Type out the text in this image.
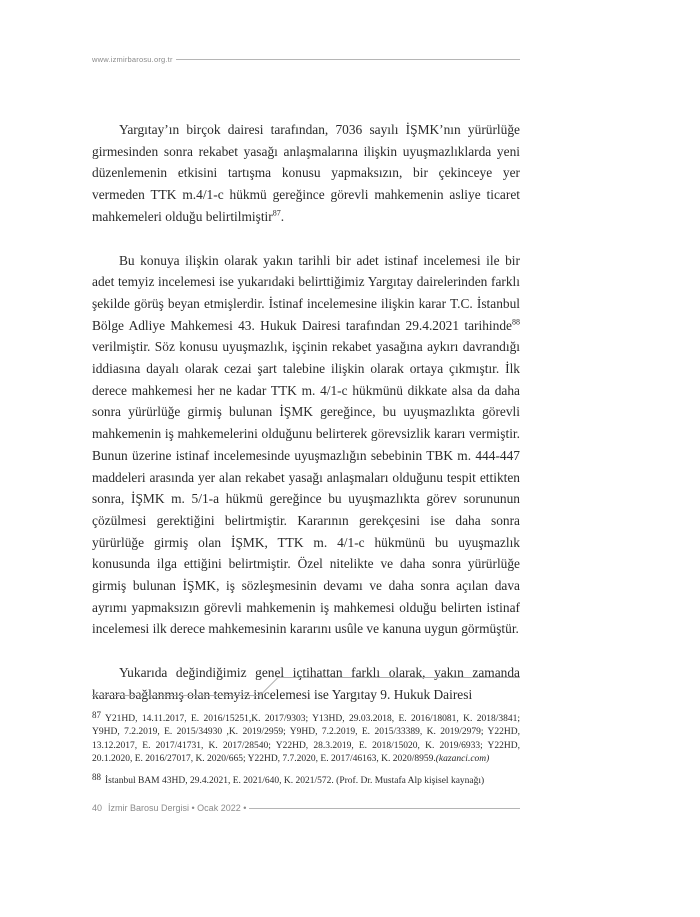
www.izmirbarosu.org.tr

Yargıtay’ın birçok dairesi tarafından, 7036 sayılı İŞMK’nın yürürlüğe girmesinden sonra rekabet yasağı anlaşmalarına ilişkin uyuşmazlıklarda yeni düzenlemenin etkisini tartışma konusu yapmaksızın, bir çekinceye yer vermeden TTK m.4/1-c hükmü gereğince görevli mahkemenin asliye ticaret mahkemeleri olduğu belirtilmiştir$^{87}$.

Bu konuya ilişkin olarak yakın tarihli bir adet istinaf incelemesi ile bir adet temyiz incelemesi ise yukarıdaki belirttiğimiz Yargıtay dairelerinden farklı şekilde görüş beyan etmişlerdir. İstinaf incelemesine ilişkin karar T.C. İstanbul Bölge Adliye Mahkemesi 43. Hukuk Dairesi tarafından 29.4.2021 tarihinde$^{88}$ verilmiştir. Söz konusu uyuşmazlık, işçinin rekabet yasağına aykırı davrandığı iddiasına dayalı olarak cezai şart talebine ilişkin olarak ortaya çıkmıştır. İlk derece mahkemesi her ne kadar TTK m. 4/1-c hükmünü dikkate alsa da daha sonra yürürlüğe girmiş bulunan İŞMK gereğince, bu uyuşmazlıkta görevli mahkemenin iş mahkemelerini olduğunu belirterek görevsizlik kararı vermiştir. Bunun üzerine istinaf incelemesinde uyuşmazlığın sebebinin TBK m. 444-447 maddeleri arasında yer alan rekabet yasağı anlaşmaları olduğunu tespit ettikten sonra, İŞMK m. 5/1-a hükmü gereğince bu uyuşmazlıkta görev sorununun çözülmesi gerektiğini belirtmiştir. Kararının gerekçesini ise daha sonra yürürlüğe girmiş olan İŞMK, TTK m. 4/1-c hükmünü bu uyuşmazlık konusunda ilga ettiğini belirtmiştir. Özel nitelikte ve daha sonra yürürlüğe girmiş bulunan İŞMK, iş sözleşmesinin devamı ve daha sonra açılan dava ayrımı yapmaksızın görevli mahkemenin iş mahkemesi olduğu belirten istinaf incelemesi ilk derece mahkemesinin kararını usûle ve kanuna uygun görmüştür.

Yukarıda değindiğimiz genel içtihattan farklı olarak, yakın zamanda karara bağlanmış olan temyiz incelemesi ise Yargıtay 9. Hukuk Dairesi

87 Y21HD, 14.11.2017, E. 2016/15251,K. 2017/9303; Y13HD, 29.03.2018, E. 2016/18081, K. 2018/3841; Y9HD, 7.2.2019, E. 2015/34930 ,K. 2019/2959; Y9HD, 7.2.2019, E. 2015/33389, K. 2019/2979; Y22HD, 13.12.2017, E. 2017/41731, K. 2017/28540; Y22HD, 28.3.2019, E. 2018/15020, K. 2019/6933; Y22HD, 20.1.2020, E. 2016/27017, K. 2020/665; Y22HD, 7.7.2020, E. 2017/46163, K. 2020/8959.(kazanci.com)

88 İstanbul BAM 43HD, 29.4.2021, E. 2021/640, K. 2021/572. (Prof. Dr. Mustafa Alp kişisel kaynağı)

40 İzmir Barosu Dergisi • Ocak 2022 •
